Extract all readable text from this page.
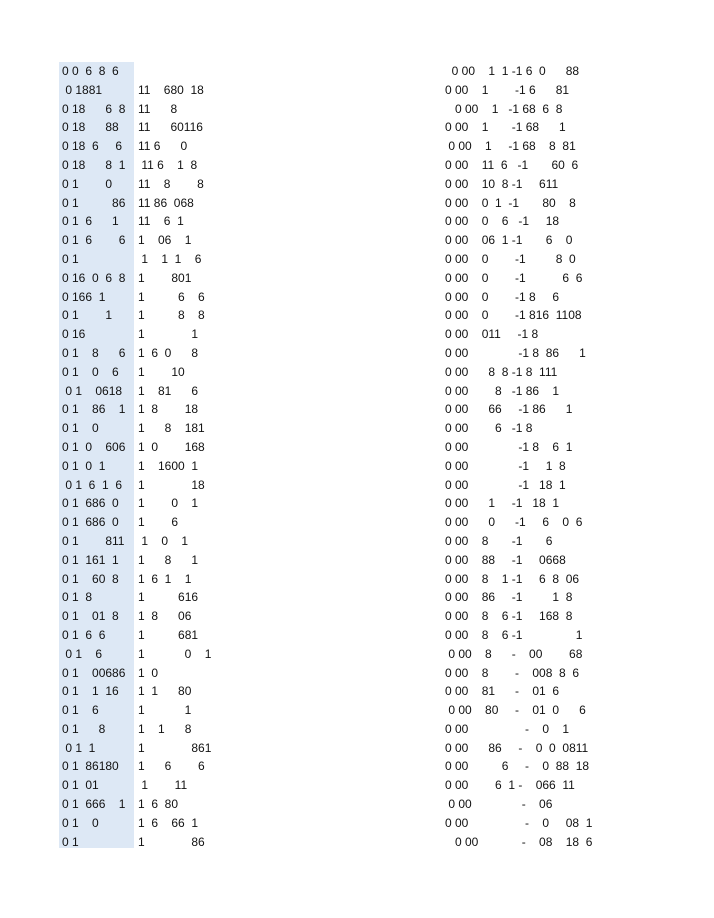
0 0  6  8  6
0 1881
0 18      6  8
0 18      88
0 18  6     6
0 18      8  1
0 1        0
0 1          86
0 1  6      1
0 1  6        6
0 1
0 16  0  6  8
0 166  1
0 1        1
0 16
0 1    8      6
0 1    0    6
0 1    0618
0 1    86    1
0 1    0
0 1  0    606
0 1  0  1
0 1  6  1  6
0 1  686  0
0 1  686  0
0 1        811
0 1  161  1
0 1    60  8
0 1  8
0 1    01  8
0 1  6  6
0 1    6
0 1    00686
0 1    1  16
0 1    6
0 1      8
0 1  1
0 1  86180
0 1  01
0 1  666    1
0 1    0
0 1
11    680  18
11      8
11      60116
11 6      0
11 6    1  8
11    8        8
11 86  068
11    6  1
1    06    1
1    1  1    6
1        801
1          6    6
1          8    8
1              1
1  6  0      8
1        10
1    81      6
1  8        18
1      8    181
1  0        168
1    1600  1
1              18
1        0    1
1        6
1    0    1
1      8      1
1  6  1    1
1          616
1  8      06
1          681
1            0    1
1  0
1  1      80
1            1
1    1      8
1              861
1      6        6
1        11
1  6  80
1  6    66  1
1              86
0 00    1  1 -1 6  0      88
0 00    1        -1 6      81
0 00    1   -1 68  6  8
0 00    1       -1 68      1
0 00    1     -1 68    8  81
0 00    11  6   -1       60  6
0 00    10  8 -1     611
0 00    0  1  -1       80    8
0 00    0    6   -1     18
0 00    06  1 -1       6    0
0 00    0        -1         8  0
0 00    0        -1           6  6
0 00    0        -1 8     6
0 00    0        -1 816  1108
0 00    011     -1 8
0 00               -1 8  86      1
0 00      8  8 -1 8  111
0 00        8   -1 86    1
0 00      66     -1 86      1
0 00        6   -1 8
0 00               -1 8    6  1
0 00               -1     1  8
0 00               -1   18  1
0 00      1     -1   18  1
0 00      0      -1     6    0  6
0 00    8       -1       6
0 00    88     -1     0668
0 00    8    1 -1     6  8  06
0 00    86     -1         1  8
0 00    8    6 -1     168  8
0 00    8    6 -1                1
0 00    8      -    00        68
0 00    8        -    008  8  6
0 00    81      -    01  6
0 00    80     -    01  0      6
0 00                 -    0    1
0 00      86     -    0  0  0811
0 00          6     -    0  88  18
0 00        6  1 -    066  11
0 00               -    06
0 00                 -    0     08  1
0 00             -    08    18  6
